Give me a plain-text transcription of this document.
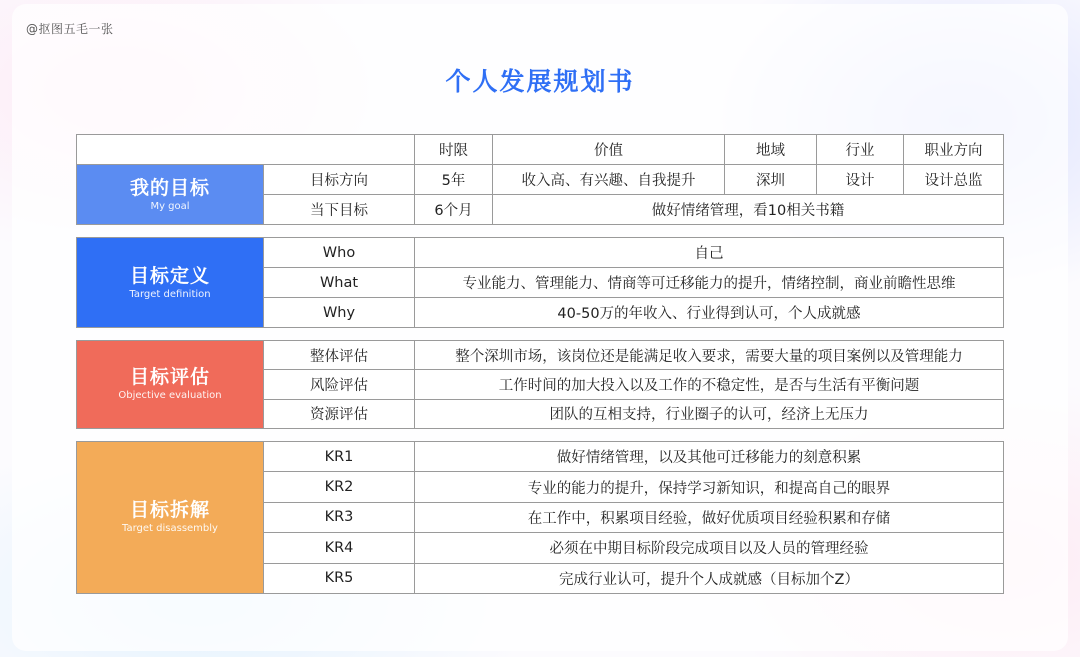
@抠图五毛一张
个人发展规划书
		时限	价值	地域	行业	职业方向

我的目标
My goal	目标方向	5年	收入高、有兴趣、自我提升	深圳	设计	设计总监
	当下目标	6个月	做好情绪管理，看10相关书籍			
目标定义
Target definition	Who	自己
	What	专业能力、管理能力、情商等可迁移能力的提升，情绪控制，商业前瞻性思维
	Why	40-50万的年收入、行业得到认可，个人成就感
目标评估
Objective evaluation	整体评估	整个深圳市场，该岗位还是能满足收入要求，需要大量的项目案例以及管理能力
	风险评估	工作时间的加大投入以及工作的不稳定性，是否与生活有平衡问题
	资源评估	团队的互相支持，行业圈子的认可，经济上无压力
目标拆解
Target disassembly	KR1	做好情绪管理，以及其他可迁移能力的刻意积累
	KR2	专业的能力的提升，保持学习新知识，和提高自己的眼界
	KR3	在工作中，积累项目经验，做好优质项目经验积累和存储
	KR4	必须在中期目标阶段完成项目以及人员的管理经验
	KR5	完成行业认可，提升个人成就感（目标加个Z）
